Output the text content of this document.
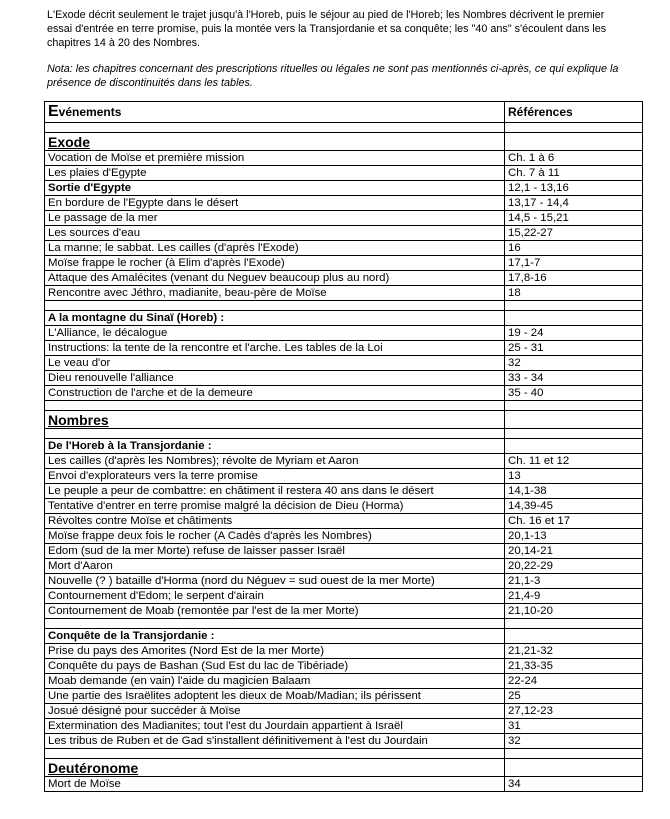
L'Exode décrit seulement le trajet jusqu'à l'Horeb, puis le séjour au pied de l'Horeb; les Nombres décrivent le premier essai d'entrée en terre promise, puis la montée vers la Transjordanie et sa conquête; les "40 ans" s'écoulent dans les chapitres 14 à 20 des Nombres.

Nota: les chapitres concernant des prescriptions rituelles ou légales ne sont pas mentionnés ci-après, ce qui explique la présence de discontinuités dans les tables.

Evénements	Références

Exode	
Vocation de Moïse et première mission	Ch. 1 à 6
Les plaies d'Egypte	Ch. 7 à 11
Sortie d'Egypte	12,1 - 13,16
En bordure de l'Egypte dans le désert	13,17 - 14,4
Le passage de la mer	14,5 - 15,21
Les sources d'eau	15,22-27
La manne; le sabbat. Les cailles (d'après l'Exode)	16
Moïse frappe le rocher (à Elim d'après l'Exode)	17,1-7
Attaque des Amalécites (venant du Neguev beaucoup plus au nord)	17,8-16
Rencontre avec Jéthro, madianite, beau-père de Moïse	18

A la montagne du Sinaï (Horeb) :	
L'Alliance, le décalogue	19 - 24
Instructions: la tente de la rencontre et l'arche. Les tables de la Loi	25 - 31
Le veau d'or	32
Dieu renouvelle l'alliance	33 - 34
Construction de l'arche et de la demeure	35 - 40

Nombres	

De l'Horeb à la Transjordanie :	
Les cailles (d'après les Nombres); révolte de Myriam et Aaron	Ch. 11 et 12
Envoi d'explorateurs vers la terre promise	13
Le peuple a peur de combattre: en châtiment il restera 40 ans dans le désert	14,1-38
Tentative d'entrer en terre promise malgré la décision de Dieu (Horma)	14,39-45
Révoltes contre Moïse et châtiments	Ch. 16 et 17
Moïse frappe deux fois le rocher (A Cadès d'après les Nombres)	20,1-13
Edom (sud de la mer Morte) refuse de laisser passer Israël	20,14-21
Mort d'Aaron	20,22-29
Nouvelle (? ) bataille d'Horma (nord du Néguev = sud ouest de la mer Morte)	21,1-3
Contournement d'Edom; le serpent d'airain	21,4-9
Contournement de Moab (remontée par l'est de la mer Morte)	21,10-20

Conquête de la Transjordanie :	
Prise du pays des Amorites (Nord Est de la mer Morte)	21,21-32
Conquête du pays de Bashan (Sud Est du lac de Tibériade)	21,33-35
Moab demande (en vain) l'aide du magicien Balaam	22-24
Une partie des Israëlites adoptent les dieux de Moab/Madian; ils périssent	25
Josué désigné pour succéder à Moïse	27,12-23
Extermination des Madianites; tout l'est du Jourdain appartient à Israël	31
Les tribus de Ruben et de Gad s'installent définitivement à l'est du Jourdain	32

Deutéronome	
Mort de Moïse	34
